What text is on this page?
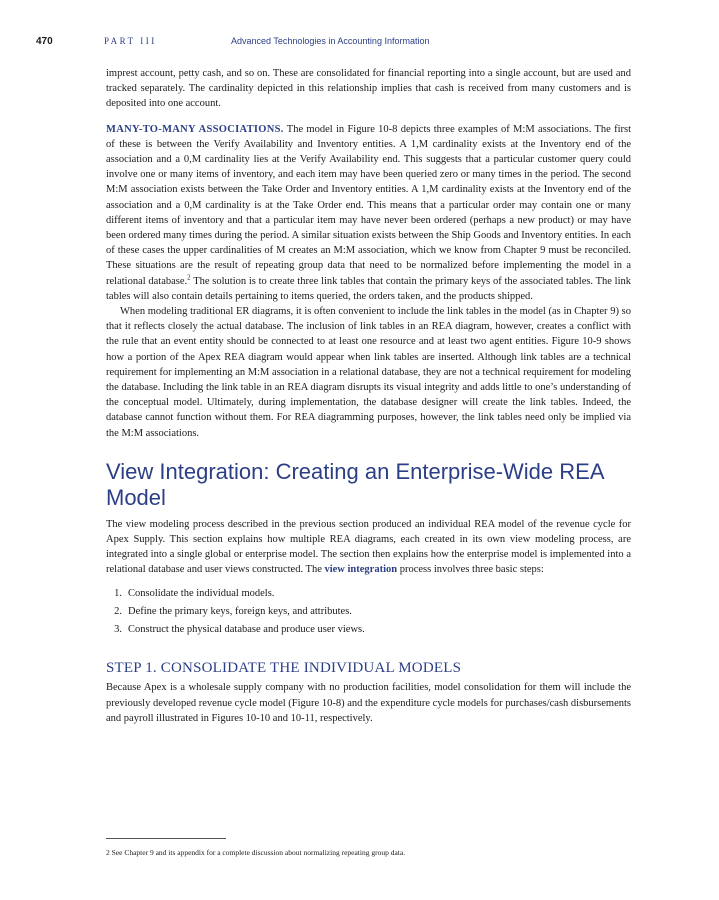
470	PART III	Advanced Technologies in Accounting Information

imprest account, petty cash, and so on. These are consolidated for financial reporting into a single account, but are used and tracked separately. The cardinality depicted in this relationship implies that cash is received from many customers and is deposited into one account.

MANY-TO-MANY ASSOCIATIONS. The model in Figure 10-8 depicts three examples of M:M associations. The first of these is between the Verify Availability and Inventory entities. A 1,M cardinality exists at the Inventory end of the association and a 0,M cardinality lies at the Verify Availability end. This suggests that a particular customer query could involve one or many items of inventory, and each item may have been queried zero or many times in the period. The second M:M association exists between the Take Order and Inventory entities. A 1,M cardinality exists at the Inventory end of the association and a 0,M cardinality is at the Take Order end. This means that a particular order may contain one or many different items of inventory and that a particular item may have never been ordered (perhaps a new product) or may have been ordered many times during the period. A similar situation exists between the Ship Goods and Inventory entities. In each of these cases the upper cardinalities of M creates an M:M association, which we know from Chapter 9 must be reconciled. These situations are the result of repeating group data that need to be normalized before implementing the model in a relational database.$^2$ The solution is to create three link tables that contain the primary keys of the associated tables. The link tables will also contain details pertaining to items queried, the orders taken, and the products shipped.

When modeling traditional ER diagrams, it is often convenient to include the link tables in the model (as in Chapter 9) so that it reflects closely the actual database. The inclusion of link tables in an REA diagram, however, creates a conflict with the rule that an event entity should be connected to at least one resource and at least two agent entities. Figure 10-9 shows how a portion of the Apex REA diagram would appear when link tables are inserted. Although link tables are a technical requirement for implementing an M:M association in a relational database, they are not a technical requirement for modeling the database. Including the link table in an REA diagram disrupts its visual integrity and adds little to one’s understanding of the conceptual model. Ultimately, during implementation, the database designer will create the link tables. Indeed, the database cannot function without them. For REA diagramming purposes, however, the link tables need only be implied via the M:M associations.

View Integration: Creating an Enterprise-Wide REA Model

The view modeling process described in the previous section produced an individual REA model of the revenue cycle for Apex Supply. This section explains how multiple REA diagrams, each created in its own view modeling process, are integrated into a single global or enterprise model. The section then explains how the enterprise model is implemented into a relational database and user views constructed. The view integration process involves three basic steps:

1. Consolidate the individual models.
2. Define the primary keys, foreign keys, and attributes.
3. Construct the physical database and produce user views.
STEP 1. CONSOLIDATE THE INDIVIDUAL MODELS

Because Apex is a wholesale supply company with no production facilities, model consolidation for them will include the previously developed revenue cycle model (Figure 10-8) and the expenditure cycle models for purchases/cash disbursements and payroll illustrated in Figures 10-10 and 10-11, respectively.

2 See Chapter 9 and its appendix for a complete discussion about normalizing repeating group data.
